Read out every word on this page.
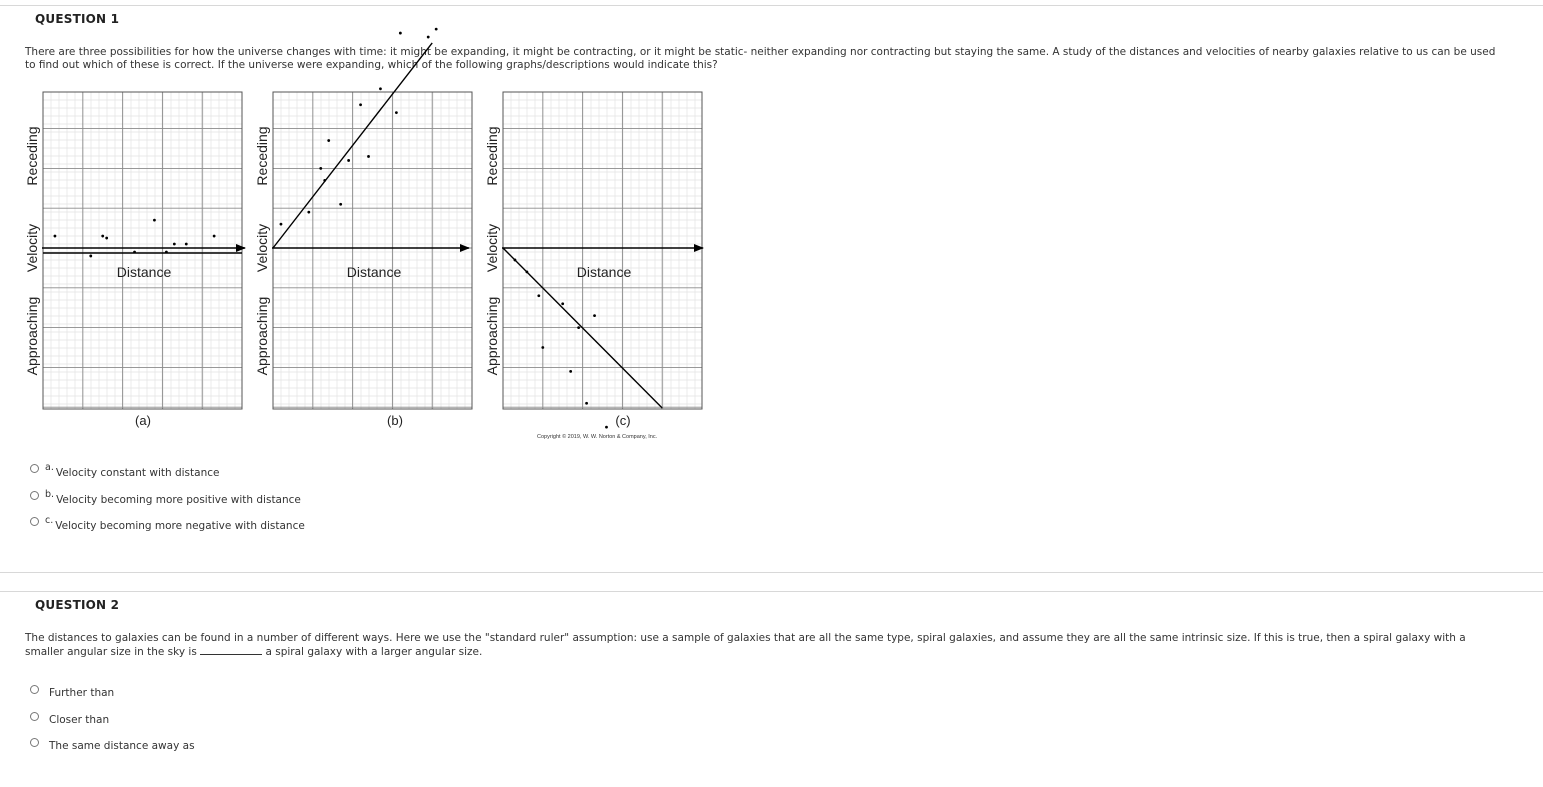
QUESTION 1
There are three possibilities for how the universe changes with time: it might be expanding, it might be contracting, or it might be static- neither expanding nor contracting but staying the same. A study of the distances and velocities of nearby galaxies relative to us can be used to find out which of these is correct. If the universe were expanding, which of the following graphs/descriptions would indicate this?
Distance
ApproachingVelocityReceding
(a)
Distance
ApproachingVelocityReceding
(b)
Distance
ApproachingVelocityReceding
(c)
Copyright © 2019, W. W. Norton & Company, Inc.
a. Velocity constant with distance
b. Velocity becoming more positive with distance
c. Velocity becoming more negative with distance
QUESTION 2
The distances to galaxies can be found in a number of different ways. Here we use the "standard ruler" assumption: use a sample of galaxies that are all the same type, spiral galaxies, and assume they are all the same intrinsic size. If this is true, then a spiral galaxy with a smaller angular size in the sky is	a spiral galaxy with a larger angular size.
Further than
Closer than
The same distance away as
